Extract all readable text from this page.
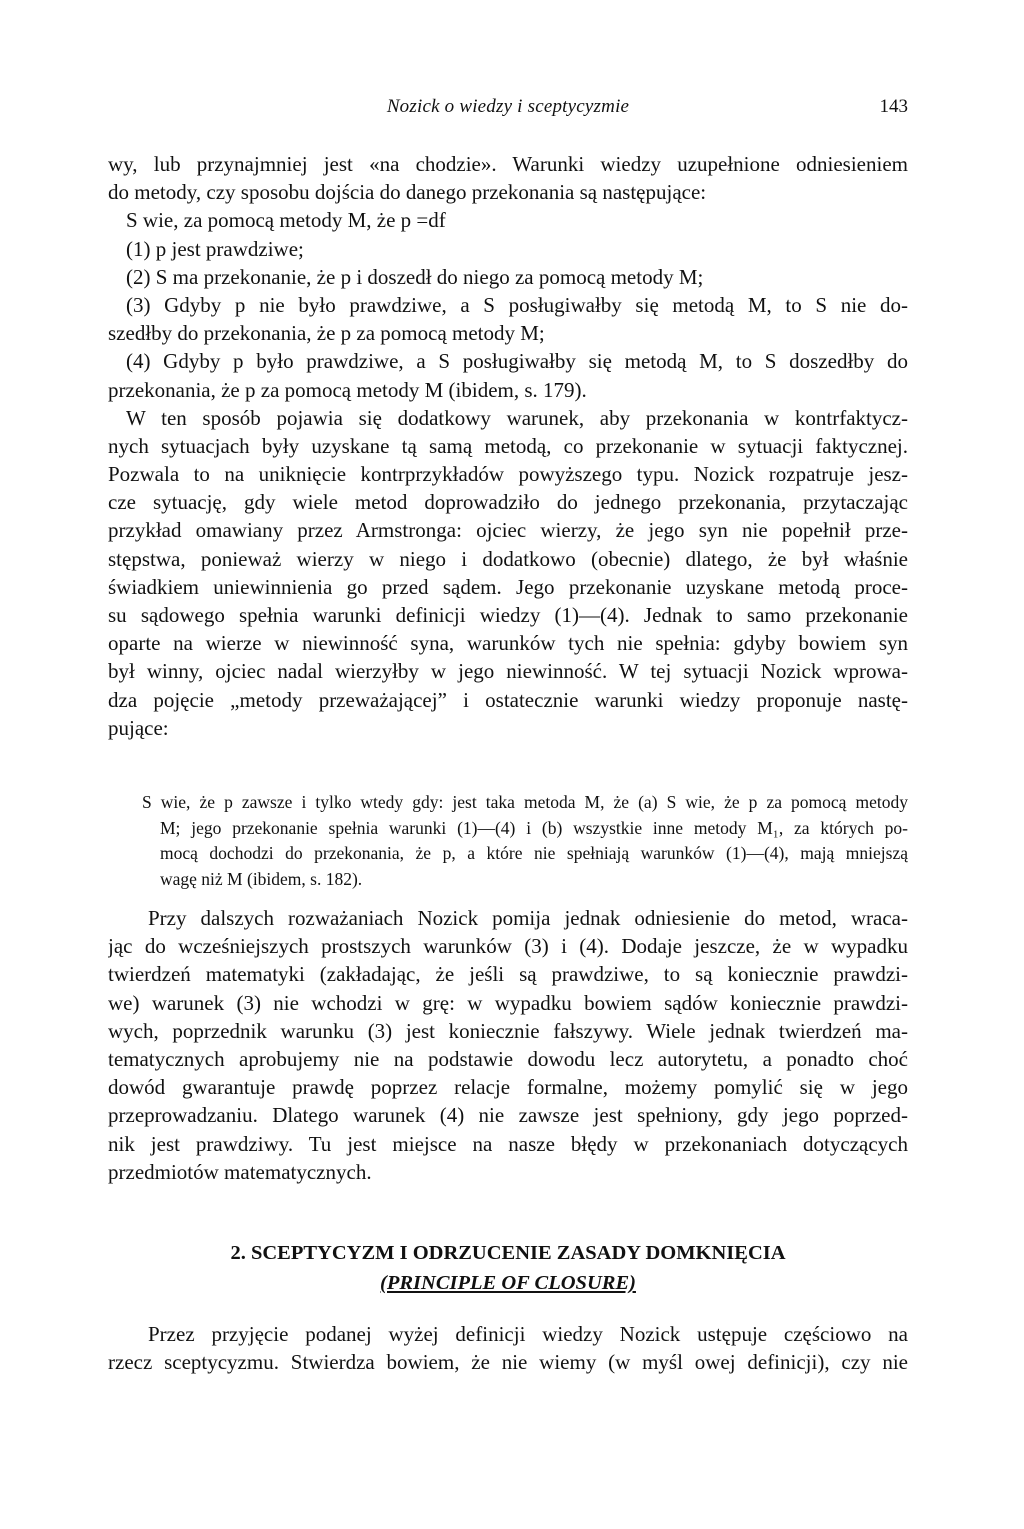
Nozick o wiedzy i sceptycyzmie	143
wy, lub przynajmniej jest «na chodzie». Warunki wiedzy uzupełnione odniesieniem
do metody, czy sposobu dojścia do danego przekonania są następujące:
S wie, za pomocą metody M, że p =df
(1) p jest prawdziwe;
(2) S ma przekonanie, że p i doszedł do niego za pomocą metody M;
(3) Gdyby p nie było prawdziwe, a S posługiwałby się metodą M, to S nie do-
szedłby do przekonania, że p za pomocą metody M;
(4) Gdyby p było prawdziwe, a S posługiwałby się metodą M, to S doszedłby do
przekonania, że p za pomocą metody M (ibidem, s. 179).
W ten sposób pojawia się dodatkowy warunek, aby przekonania w kontrfaktycz-
nych sytuacjach były uzyskane tą samą metodą, co przekonanie w sytuacji faktycznej.
Pozwala to na uniknięcie kontrprzykładów powyższego typu. Nozick rozpatruje jesz-
cze sytuację, gdy wiele metod doprowadziło do jednego przekonania, przytaczając
przykład omawiany przez Armstronga: ojciec wierzy, że jego syn nie popełnił prze-
stępstwa, ponieważ wierzy w niego i dodatkowo (obecnie) dlatego, że był właśnie
świadkiem uniewinnienia go przed sądem. Jego przekonanie uzyskane metodą proce-
su sądowego spełnia warunki definicji wiedzy (1)—(4). Jednak to samo przekonanie
oparte na wierze w niewinność syna, warunków tych nie spełnia: gdyby bowiem syn
był winny, ojciec nadal wierzyłby w jego niewinność. W tej sytuacji Nozick wprowa-
dza pojęcie „metody przeważającej” i ostatecznie warunki wiedzy proponuje nastę-
pujące:
S wie, że p zawsze i tylko wtedy gdy: jest taka metoda M, że (a) S wie, że p za pomocą metody
M; jego przekonanie spełnia warunki (1)—(4) i (b) wszystkie inne metody M₁, za których po-
mocą dochodzi do przekonania, że p, a które nie spełniają warunków (1)—(4), mają mniejszą
wagę niż M (ibidem, s. 182).
Przy dalszych rozważaniach Nozick pomija jednak odniesienie do metod, wraca-
jąc do wcześniejszych prostszych warunków (3) i (4). Dodaje jeszcze, że w wypadku
twierdzeń matematyki (zakładając, że jeśli są prawdziwe, to są koniecznie prawdzi-
we) warunek (3) nie wchodzi w grę: w wypadku bowiem sądów koniecznie prawdzi-
wych, poprzednik warunku (3) jest koniecznie fałszywy. Wiele jednak twierdzeń ma-
tematycznych aprobujemy nie na podstawie dowodu lecz autorytetu, a ponadto choć
dowód gwarantuje prawdę poprzez relacje formalne, możemy pomylić się w jego
przeprowadzaniu. Dlatego warunek (4) nie zawsze jest spełniony, gdy jego poprzed-
nik jest prawdziwy. Tu jest miejsce na nasze błędy w przekonaniach dotyczących
przedmiotów matematycznych.
2. SCEPTYCYZM I ODRZUCENIE ZASADY DOMKNIĘCIA
(PRINCIPLE OF CLOSURE)
Przez przyjęcie podanej wyżej definicji wiedzy Nozick ustępuje częściowo na
rzecz sceptycyzmu. Stwierdza bowiem, że nie wiemy (w myśl owej definicji), czy nie
